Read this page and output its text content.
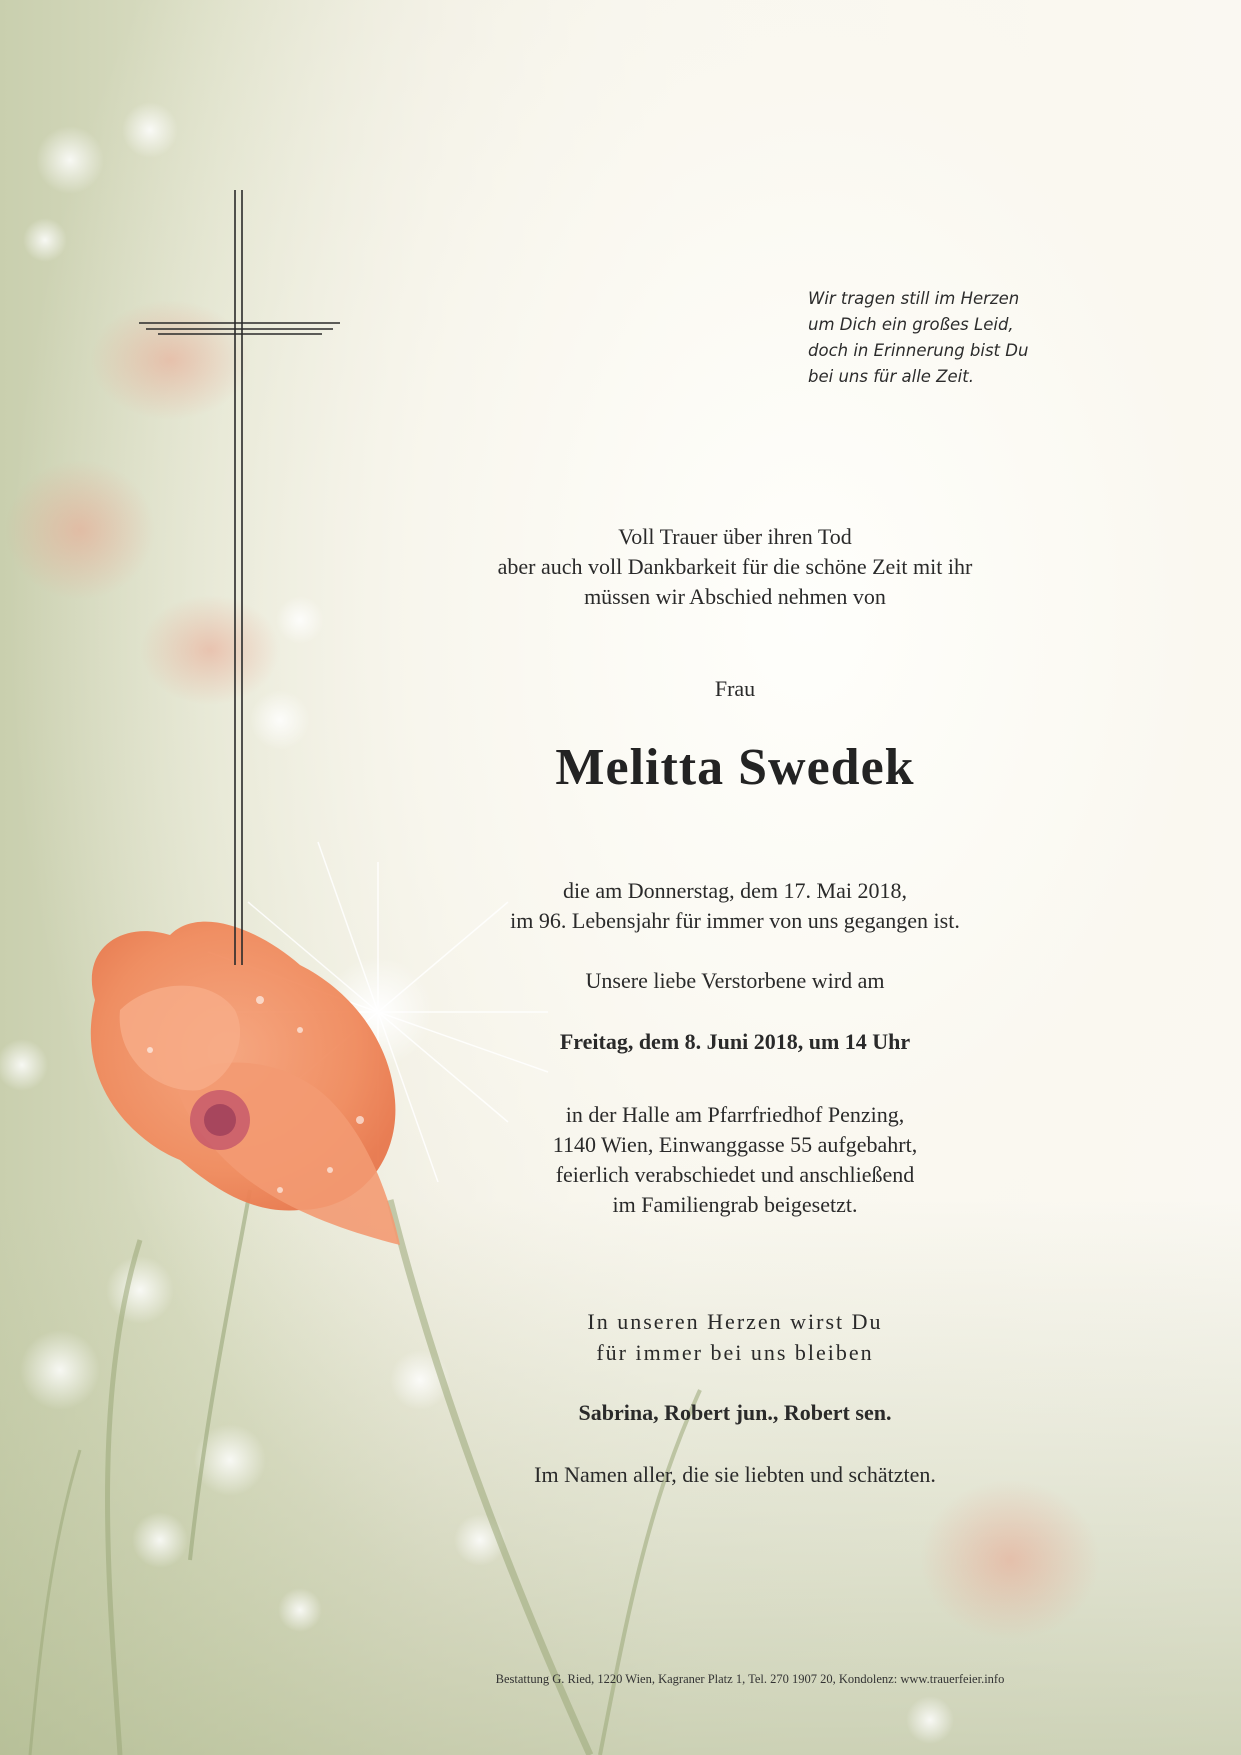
Wir tragen still im Herzen
um Dich ein großes Leid,
doch in Erinnerung bist Du
bei uns für alle Zeit.
Voll Trauer über ihren Tod
aber auch voll Dankbarkeit für die schöne Zeit mit ihr
müssen wir Abschied nehmen von
Frau
Melitta Swedek
die am Donnerstag, dem 17. Mai 2018,
im 96. Lebensjahr für immer von uns gegangen ist.
Unsere liebe Verstorbene wird am
Freitag, dem 8. Juni 2018, um 14 Uhr
in der Halle am Pfarrfriedhof Penzing,
1140 Wien, Einwanggasse 55 aufgebahrt,
feierlich verabschiedet und anschließend
im Familiengrab beigesetzt.
In unseren Herzen wirst Du
für immer bei uns bleiben
Sabrina, Robert jun., Robert sen.
Im Namen aller, die sie liebten und schätzten.
Bestattung G. Ried, 1220 Wien, Kagraner Platz 1, Tel. 270 1907 20, Kondolenz: www.trauerfeier.info
